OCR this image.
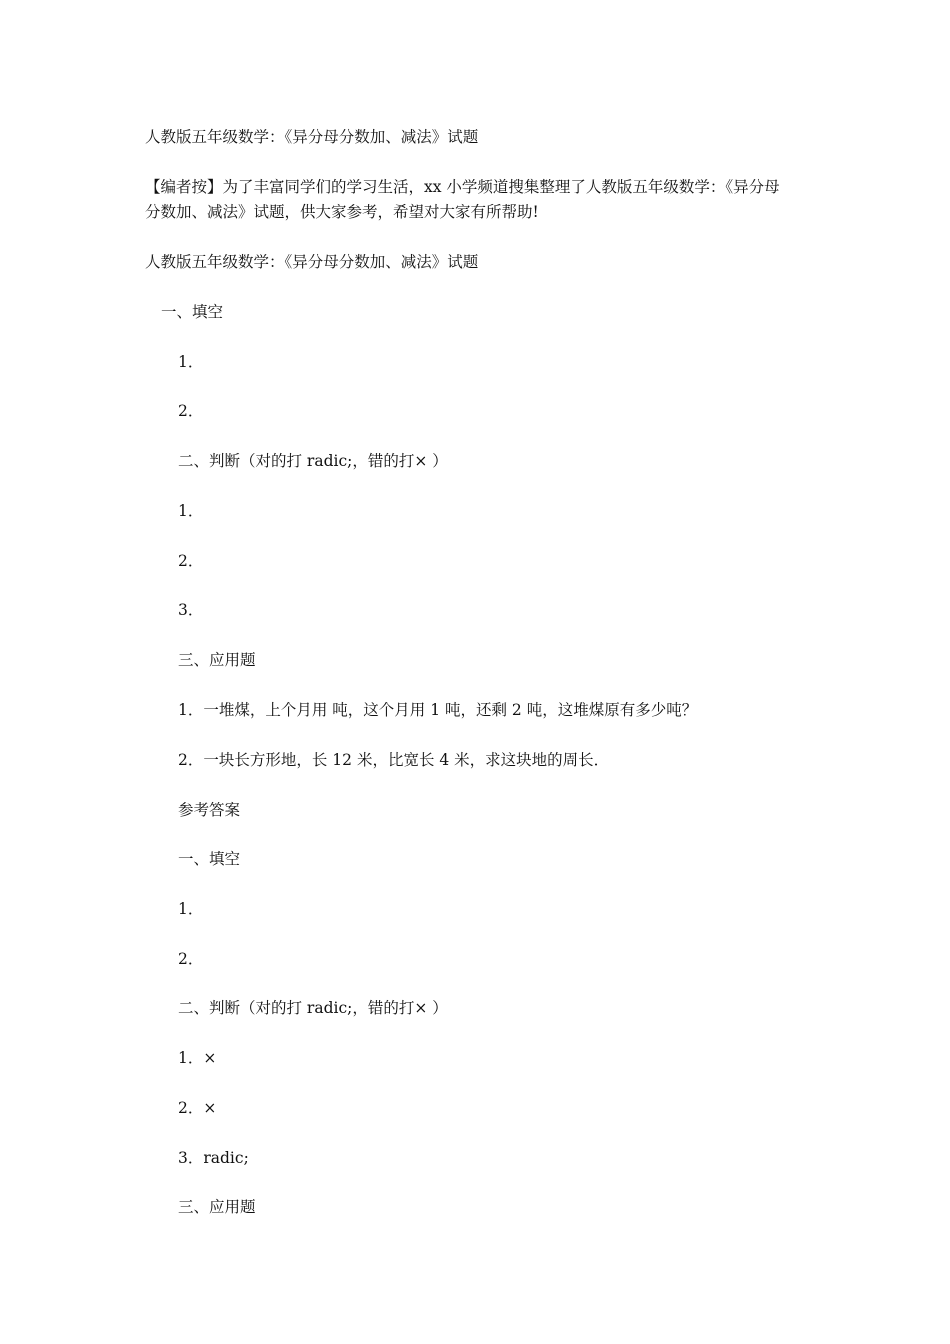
人教版五年级数学：《异分母分数加、减法》试题
【编者按】为了丰富同学们的学习生活，xx 小学频道搜集整理了人教版五年级数学：《异分母
分数加、减法》试题，供大家参考，希望对大家有所帮助!
人教版五年级数学：《异分母分数加、减法》试题
一、填空
1．
2．
二、判断（对的打 radic;，错的打× ）
1．
2．
3．
三、应用题
1．一堆煤，上个月用 吨，这个月用 1 吨，还剩 2 吨，这堆煤原有多少吨？
2．一块长方形地，长 12 米，比宽长 4 米，求这块地的周长．
参考答案
一、填空
1．
2．
二、判断（对的打 radic;，错的打× ）
1．×
2．×
3．radic;
三、应用题
